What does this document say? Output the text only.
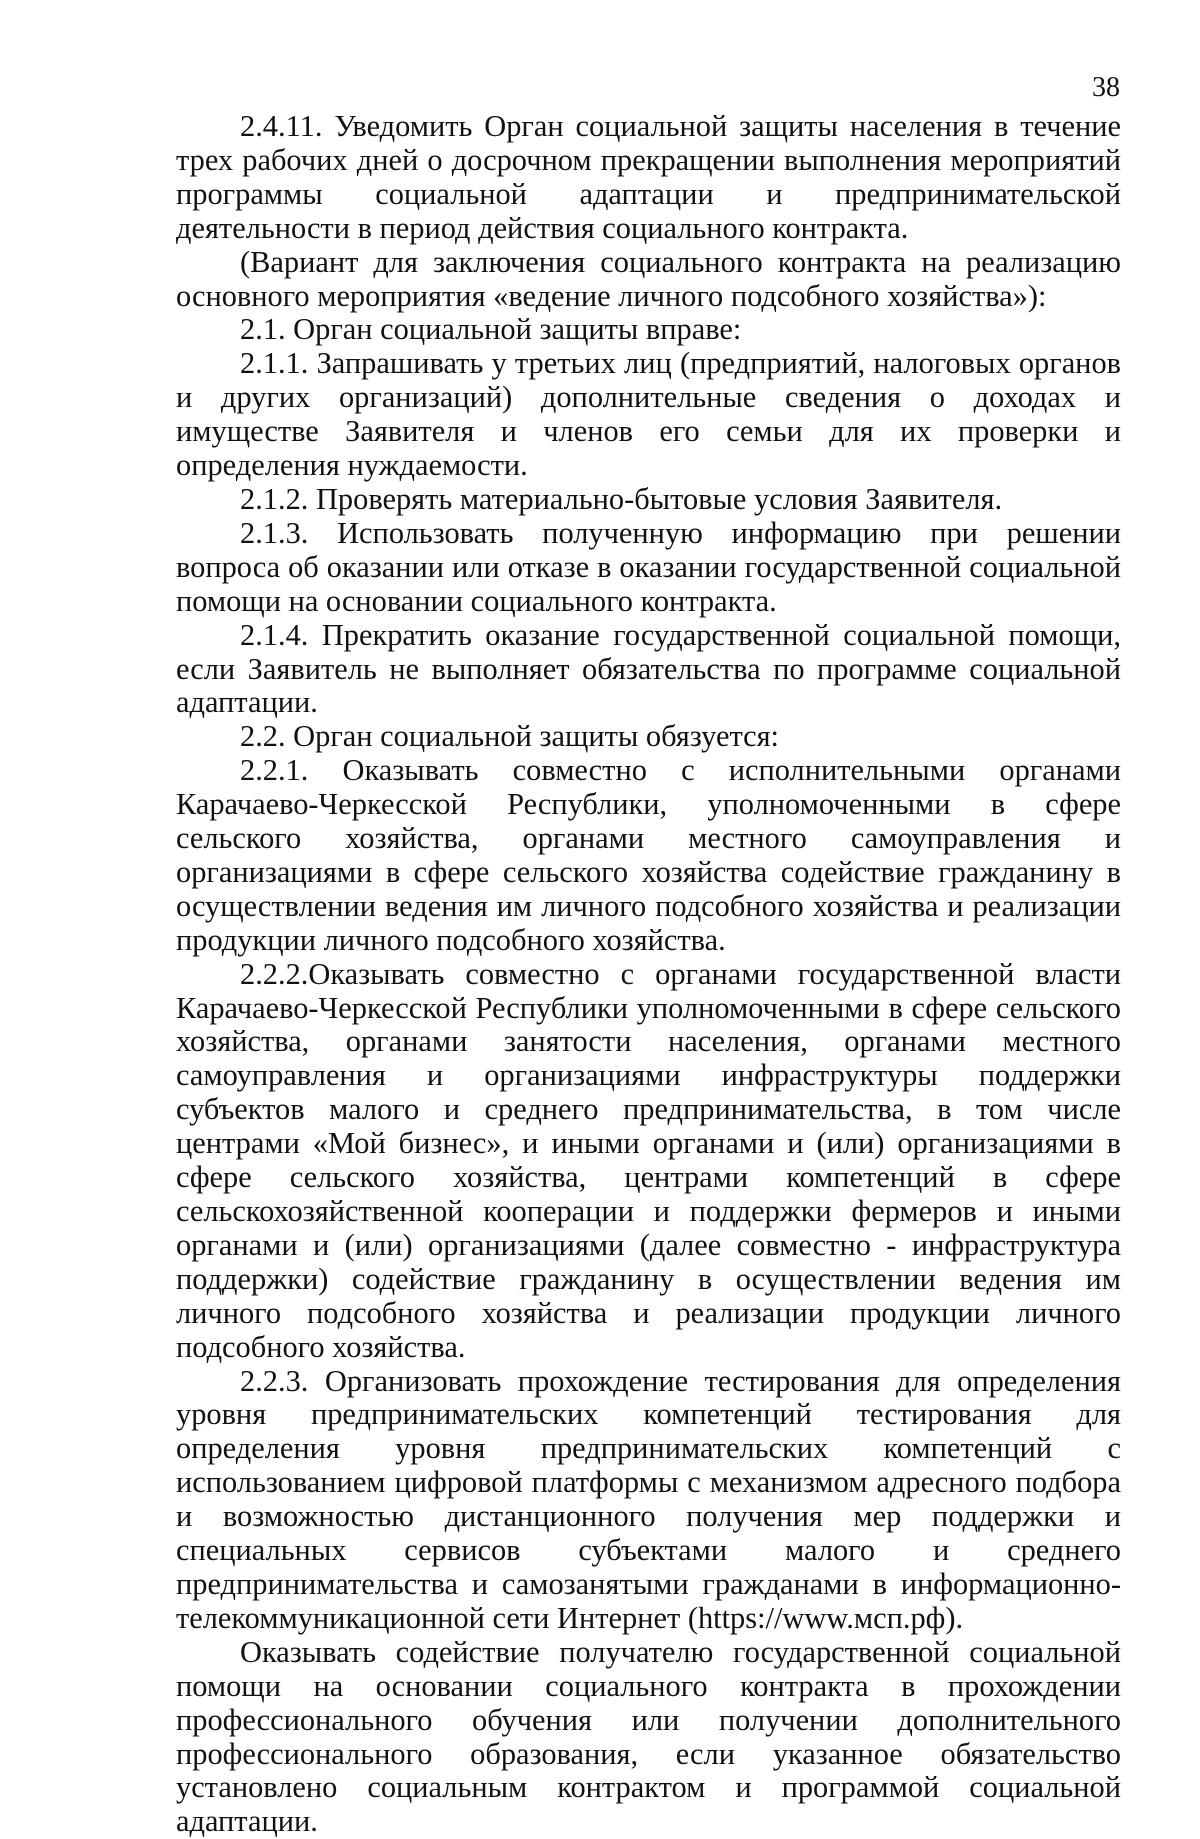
38

2.4.11. Уведомить Орган социальной защиты населения в течение трех рабочих дней о досрочном прекращении выполнения мероприятий программы социальной адаптации и предпринимательской деятельности в период действия социального контракта.

(Вариант для заключения социального контракта на реализацию основного мероприятия «ведение личного подсобного хозяйства»):

2.1. Орган социальной защиты вправе:

2.1.1. Запрашивать у третьих лиц (предприятий, налоговых органов и других организаций) дополнительные сведения о доходах и имуществе Заявителя и членов его семьи для их проверки и определения нуждаемости.

2.1.2. Проверять материально-бытовые условия Заявителя.

2.1.3. Использовать полученную информацию при решении вопроса об оказании или отказе в оказании государственной социальной помощи на основании социального контракта.

2.1.4. Прекратить оказание государственной социальной помощи, если Заявитель не выполняет обязательства по программе социальной адаптации.

2.2. Орган социальной защиты обязуется:

2.2.1. Оказывать совместно с исполнительными органами Карачаево-Черкесской Республики, уполномоченными в сфере сельского хозяйства, органами местного самоуправления и организациями в сфере сельского хозяйства содействие гражданину в осуществлении ведения им личного подсобного хозяйства и реализации продукции личного подсобного хозяйства.

2.2.2.Оказывать совместно с органами государственной власти Карачаево-Черкесской Республики уполномоченными в сфере сельского хозяйства, органами занятости населения, органами местного самоуправления и организациями инфраструктуры поддержки субъектов малого и среднего предпринимательства, в том числе центрами «Мой бизнес», и иными органами и (или) организациями в сфере сельского хозяйства, центрами компетенций в сфере сельскохозяйственной кооперации и поддержки фермеров и иными органами и (или) организациями (далее совместно - инфраструктура поддержки) содействие гражданину в осуществлении ведения им личного подсобного хозяйства и реализации продукции личного подсобного хозяйства.

2.2.3. Организовать прохождение тестирования для определения уровня предпринимательских компетенций тестирования для определения уровня предпринимательских компетенций с использованием цифровой платформы с механизмом адресного подбора и возможностью дистанционного получения мер поддержки и специальных сервисов субъектами малого и среднего предпринимательства и самозанятыми гражданами в информационно-телекоммуникационной сети Интернет (https://www.мсп.рф).

Оказывать содействие получателю государственной социальной помощи на основании социального контракта в прохождении профессионального обучения или получении дополнительного профессионального образования, если указанное обязательство установлено социальным контрактом и программой социальной адаптации.
